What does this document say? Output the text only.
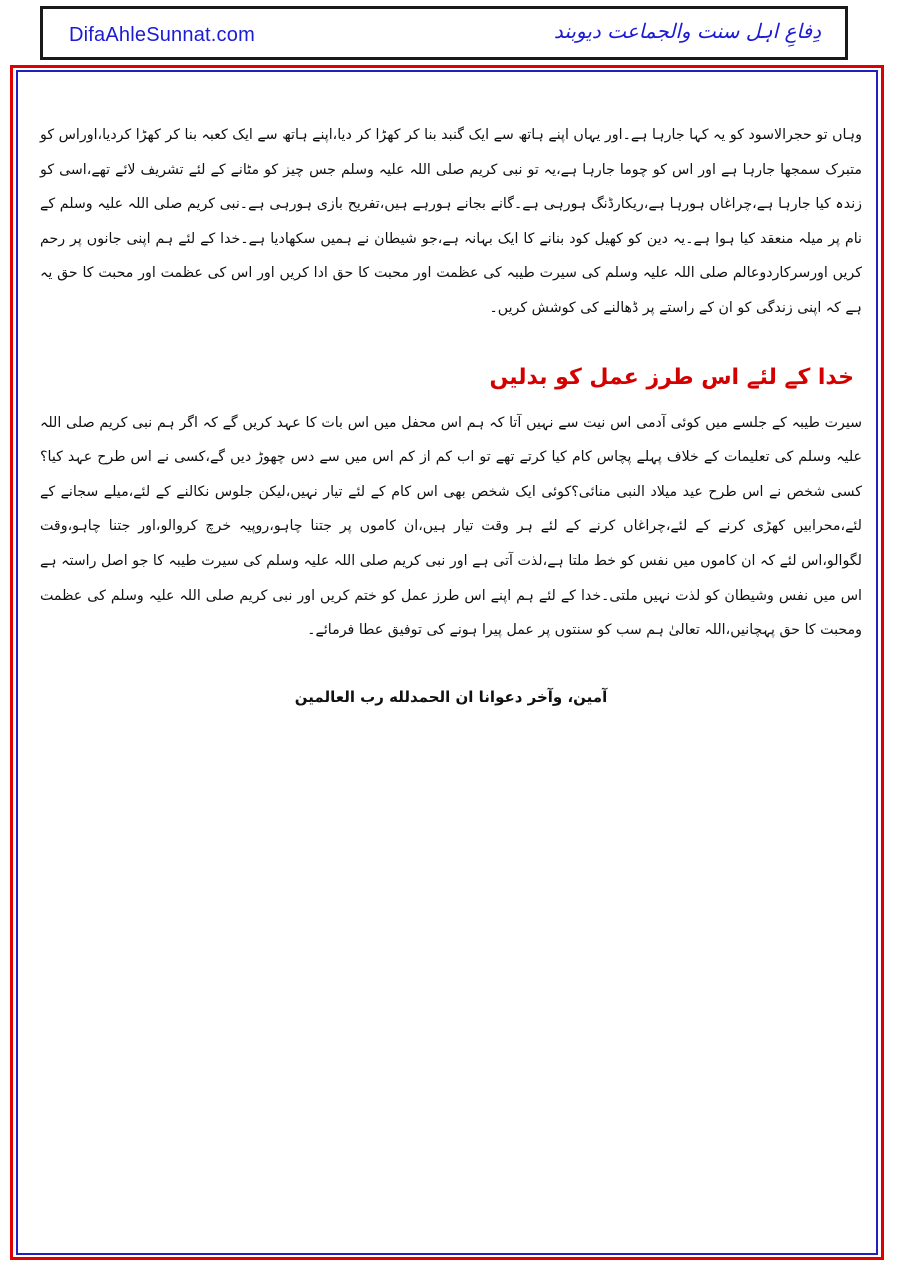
DifaAhleSunnat.com	دِفاعِ اہل سنت والجماعت دیوبند

وہاں تو حجرالاسود کو یہ کہا جارہا ہے۔اور یہاں اپنے ہاتھ سے ایک گنبد بنا کر کھڑا کر دیا،اپنے ہاتھ سے ایک کعبہ بنا کر کھڑا کردیا،اوراس کو متبرک سمجھا جارہا ہے اور اس کو چوما جارہا ہے،یہ تو نبی کریم صلی اللہ علیہ وسلم جس چیز کو مٹانے کے لئے تشریف لائے تھے،اسی کو زندہ کیا جارہا ہے،چراغاں ہورہا ہے،ریکارڈنگ ہورہی ہے۔گانے بجانے ہورہے ہیں،تفریح بازی ہورہی ہے۔نبی کریم صلی اللہ علیہ وسلم کے نام پر میلہ منعقد کیا ہوا ہے۔یہ دین کو کھیل کود بنانے کا ایک بہانہ ہے،جو شیطان نے ہمیں سکھادیا ہے۔خدا کے لئے ہم اپنی جانوں پر رحم کریں اورسرکاردوعالم صلی اللہ علیہ وسلم کی سیرت طیبہ کی عظمت اور محبت کا حق ادا کریں اور اس کی عظمت اور محبت کا حق یہ ہے کہ اپنی زندگی کو ان کے راستے پر ڈھالنے کی کوشش کریں۔

خدا کے لئے اس طرز عمل کو بدلیں

سیرت طیبہ کے جلسے میں کوئی آدمی اس نیت سے نہیں آتا کہ ہم اس محفل میں اس بات کا عہد کریں گے کہ اگر ہم نبی کریم صلی اللہ علیہ وسلم کی تعلیمات کے خلاف پہلے پچاس کام کیا کرتے تھے تو اب کم از کم اس میں سے دس چھوڑ دیں گے،کسی نے اس طرح عہد کیا؟کسی شخص نے اس طرح عید میلاد النبی منائی؟کوئی ایک شخص بھی اس کام کے لئے تیار نہیں،لیکن جلوس نکالنے کے لئے،میلے سجانے کے لئے،محرابیں کھڑی کرنے کے لئے،چراغاں کرنے کے لئے ہر وقت تیار ہیں،ان کاموں پر جتنا چاہو،روپیہ خرچ کروالو،اور جتنا چاہو،وقت لگوالو،اس لئے کہ ان کاموں میں نفس کو خط ملتا ہے،لذت آتی ہے اور نبی کریم صلی اللہ علیہ وسلم کی سیرت طیبہ کا جو اصل راستہ ہے اس میں نفس وشیطان کو لذت نہیں ملتی۔خدا کے لئے ہم اپنے اس طرز عمل کو ختم کریں اور نبی کریم صلی اللہ علیہ وسلم کی عظمت ومحبت کا حق پہچانیں،اللہ تعالیٰ ہم سب کو سنتوں پر عمل پیرا ہونے کی توفیق عطا فرمائے۔

آمین، وآخر دعوانا ان الحمدلله رب العالمين
